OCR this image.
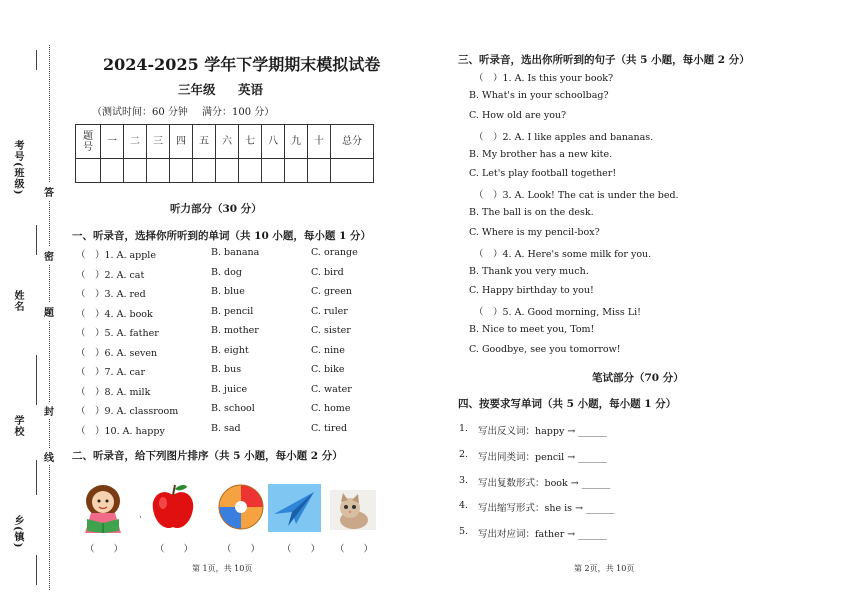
考号(班级)
姓名
学校
乡(镇)
答
密
题
封
线
2024-2025 学年下学期期末模拟试卷
三年级 英语
（测试时间：60 分钟 满分：100 分）
题
号	一	二	三	四	五	六	七	八	九	十	总分

听力部分（30 分）
一、听录音，选择你所听到的单词（共 10 小题，每小题 1 分）
（　）1. A. apple	B. banana	C. orange
（　）2. A. cat	B. dog	C. bird
（　）3. A. red	B. blue	C. green
（　）4. A. book	B. pencil	C. ruler
（　）5. A. father	B. mother	C. sister
（　）6. A. seven	B. eight	C. nine
（　）7. A. car	B. bus	C. bike
（　）8. A. milk	B. juice	C. water
（　）9. A. classroom	B. school	C. home
（　）10. A. happy	B. sad	C. tired
二、听录音，给下列图片排序（共 5 小题，每小题 2 分）
·
（　　）	（　　）	（　　） （　　） （　　）
第 1页，共 10页
三、听录音，选出你所听到的句子（共 5 小题，每小题 2 分）
（　）1. A. Is this your book?
B. What's in your schoolbag?
C. How old are you?
（　）2. A. I like apples and bananas.
B. My brother has a new kite.
C. Let's play football together!
（　）3. A. Look! The cat is under the bed.
B. The ball is on the desk.
C. Where is my pencil-box?
（　）4. A. Here's some milk for you.
B. Thank you very much.
C. Happy birthday to you!
（　）5. A. Good morning, Miss Li!
B. Nice to meet you, Tom!
C. Goodbye, see you tomorrow!
笔试部分（70 分）
四、按要求写单词（共 5 小题，每小题 1 分）
1. 写出反义词：happy → ______
2. 写出同类词：pencil → ______
3. 写出复数形式：book → ______
4. 写出缩写形式：she is → ______
5. 写出对应词：father → ______
第 2页，共 10页
